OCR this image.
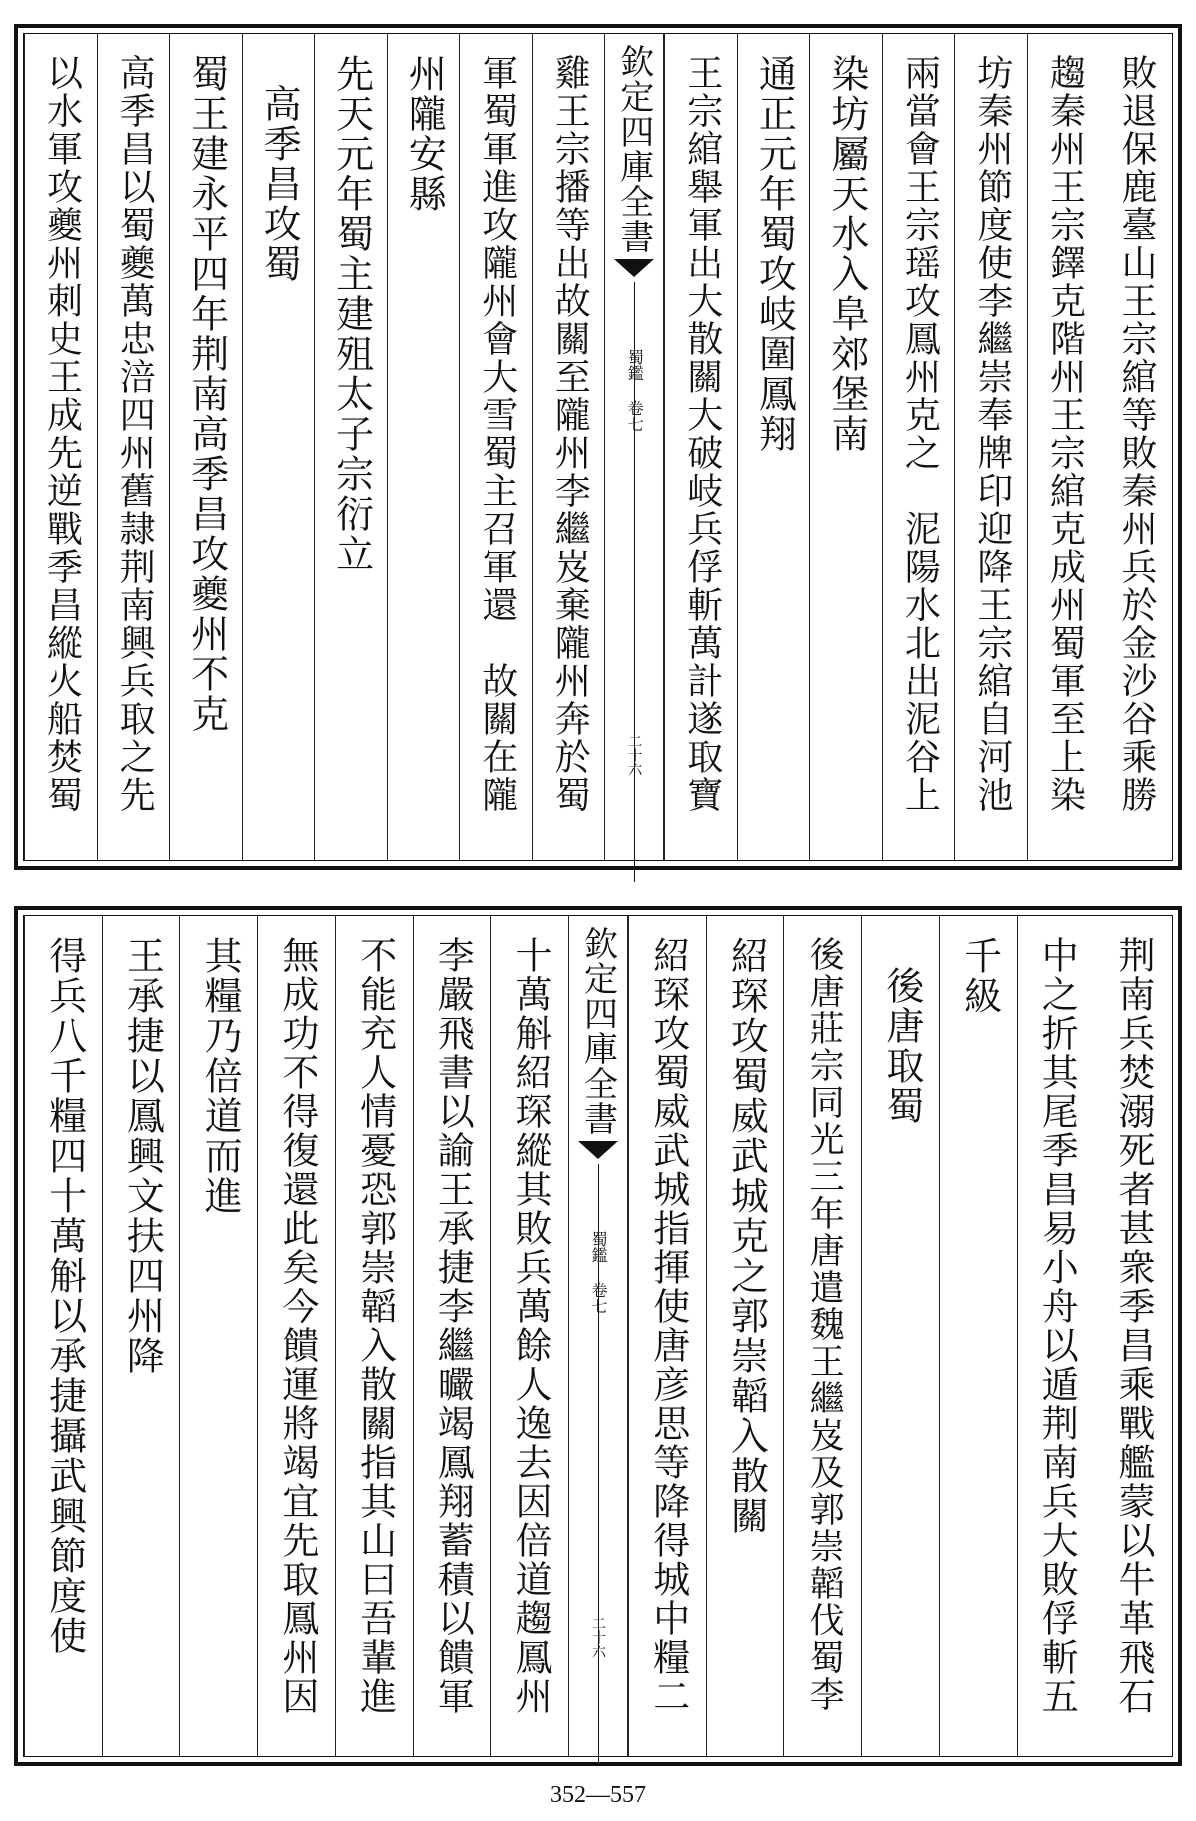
敗退保鹿臺山王宗綰等敗秦州兵於金沙谷乘勝
趨秦州王宗鐸克階州王宗綰克成州蜀軍至上染
坊秦州節度使李繼崇奉牌印迎降王宗綰自河池
兩當會王宗瑶攻鳳州克之　泥陽水北出泥谷上
染坊屬天水入阜郊堡南
通正元年蜀攻岐圍鳳翔
王宗綰舉軍出大散關大破岐兵俘斬萬計遂取寶
欽定四庫全書
蜀鑑 卷七
二十六
雞王宗播等出故關至隴州李繼岌棄隴州奔於蜀
軍蜀軍進攻隴州會大雪蜀主召軍還　故關在隴
州隴安縣
先天元年蜀主建殂太子宗衍立
高季昌攻蜀
蜀王建永平四年荆南高季昌攻夔州不克
高季昌以蜀夔萬忠涪四州舊隷荆南興兵取之先
以水軍攻夔州刺史王成先逆戰季昌縱火船焚蜀
荆南兵焚溺死者甚衆季昌乘戰艦蒙以牛革飛石
中之折其尾季昌易小舟以遁荆南兵大敗俘斬五
千級
後唐取蜀
後唐莊宗同光三年唐遣魏王繼岌及郭崇韜伐蜀李
紹琛攻蜀威武城克之郭崇韜入散關
紹琛攻蜀威武城指揮使唐彦思等降得城中糧二
欽定四庫全書
蜀鑑 卷七
二十六
十萬斛紹琛縱其敗兵萬餘人逸去因倍道趨鳳州
李嚴飛書以諭王承捷李繼曮竭鳳翔蓄積以饋軍
不能充人情憂恐郭崇韜入散關指其山曰吾輩進
無成功不得復還此矣今饋運將竭宜先取鳳州因
其糧乃倍道而進
王承捷以鳳興文扶四州降
得兵八千糧四十萬斛以承捷攝武興節度使
352—557
